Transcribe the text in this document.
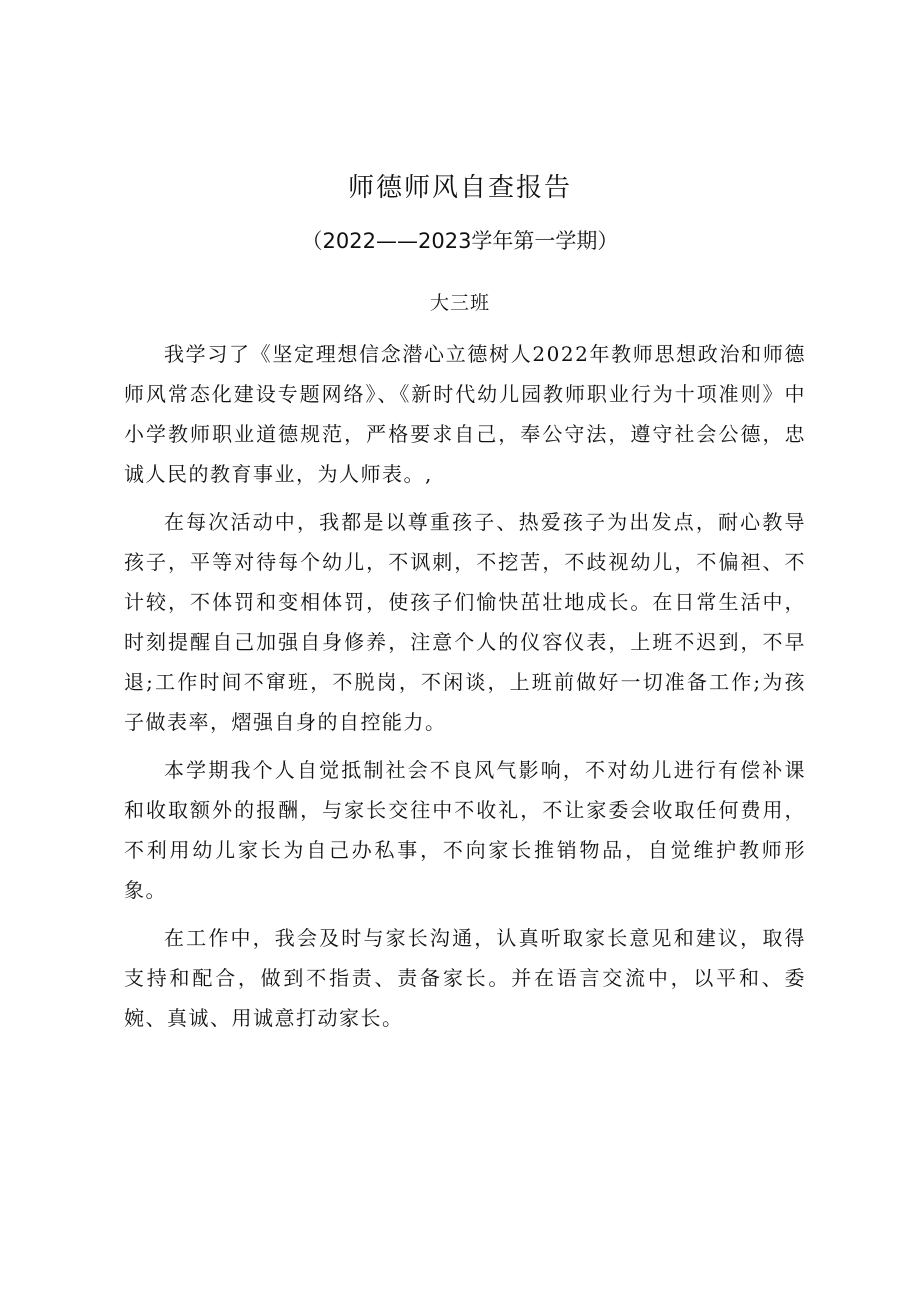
师德师风自查报告

（2022——2023学年第一学期）

大三班

我学习了《坚定理想信念潜心立德树人2022年教师思想政治和师德师风常态化建设专题网络》、《新时代幼儿园教师职业行为十项准则》中小学教师职业道德规范，严格要求自己，奉公守法，遵守社会公德，忠诚人民的教育事业，为人师表。,

在每次活动中，我都是以尊重孩子、热爱孩子为出发点，耐心教导孩子，平等对待每个幼儿，不讽刺，不挖苦，不歧视幼儿，不偏袒、不计较，不体罚和变相体罚，使孩子们愉快茁壮地成长。在日常生活中，时刻提醒自己加强自身修养，注意个人的仪容仪表，上班不迟到，不早退;工作时间不窜班，不脱岗，不闲谈，上班前做好一切准备工作;为孩子做表率，熠强自身的自控能力。

本学期我个人自觉抵制社会不良风气影响，不对幼儿进行有偿补课和收取额外的报酬，与家长交往中不收礼，不让家委会收取任何费用，不利用幼儿家长为自己办私事，不向家长推销物品，自觉维护教师形象。

在工作中，我会及时与家长沟通，认真听取家长意见和建议，取得支持和配合，做到不指责、责备家长。并在语言交流中，以平和、委婉、真诚、用诚意打动家长。
